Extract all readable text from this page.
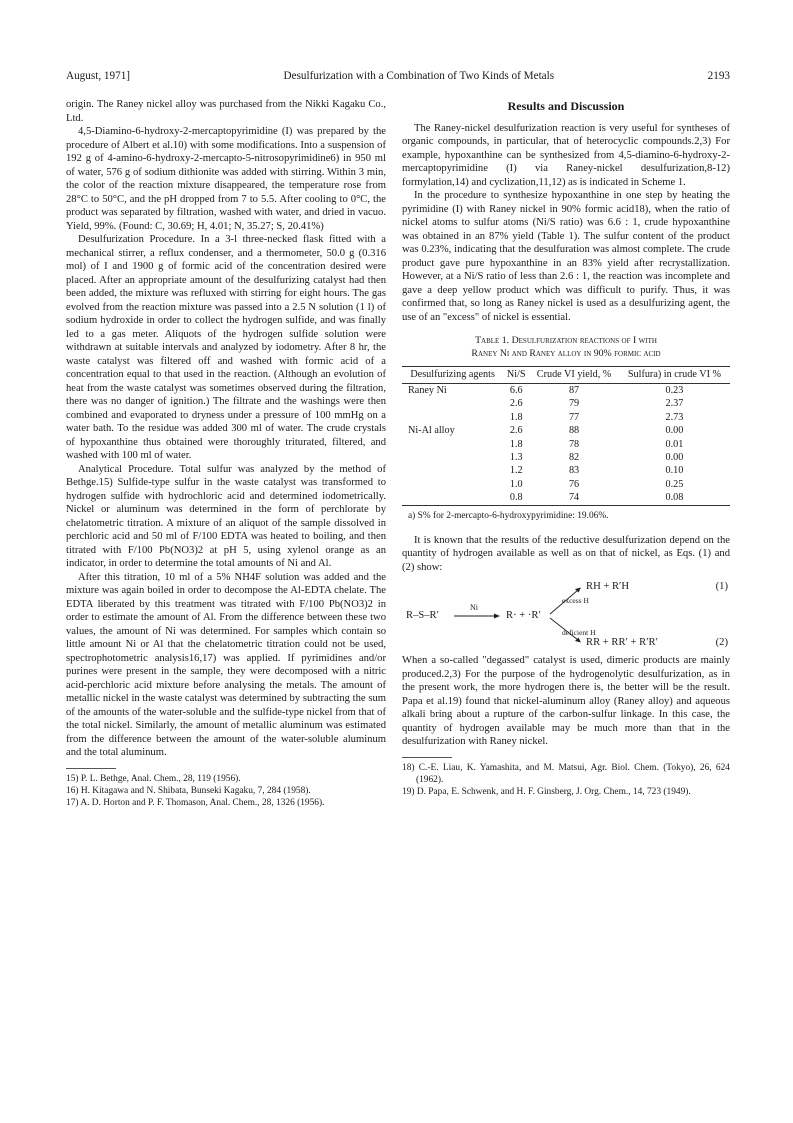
August, 1971]	Desulfurization with a Combination of Two Kinds of Metals	2193

origin. The Raney nickel alloy was purchased from the Nikki Kagaku Co., Ltd.

4,5-Diamino-6-hydroxy-2-mercaptopyrimidine (I) was prepared by the procedure of Albert et al.10) with some modifications. Into a suspension of 192 g of 4-amino-6-hydroxy-2-mercapto-5-nitrosopyrimidine6) in 950 ml of water, 576 g of sodium dithionite was added with stirring. Within 3 min, the color of the reaction mixture disappeared, the temperature rose from 28°C to 50°C, and the pH dropped from 7 to 5.5. After cooling to 0°C, the product was separated by filtration, washed with water, and dried in vacuo. Yield, 99%. (Found: C, 30.69; H, 4.01; N, 35.27; S, 20.41%)

Desulfurization Procedure. In a 3-l three-necked flask fitted with a mechanical stirrer, a reflux condenser, and a thermometer, 50.0 g (0.316 mol) of I and 1900 g of formic acid of the concentration desired were placed. After an appropriate amount of the desulfurizing catalyst had then been added, the mixture was refluxed with stirring for eight hours. The gas evolved from the reaction mixture was passed into a 2.5 N solution (1 l) of sodium hydroxide in order to collect the hydrogen sulfide, and was finally led to a gas meter. Aliquots of the hydrogen sulfide solution were withdrawn at suitable intervals and analyzed by iodometry. After 8 hr, the waste catalyst was filtered off and washed with formic acid of a concentration equal to that used in the reaction. (Although an evolution of heat from the waste catalyst was sometimes observed during the filtration, there was no danger of ignition.) The filtrate and the washings were then combined and evaporated to dryness under a pressure of 100 mmHg on a water bath. To the residue was added 300 ml of water. The crude crystals of hypoxanthine thus obtained were thoroughly triturated, filtered, and washed with 100 ml of water.

Analytical Procedure. Total sulfur was analyzed by the method of Bethge.15) Sulfide-type sulfur in the waste catalyst was transformed to hydrogen sulfide with hydrochloric acid and determined iodometrically. Nickel or aluminum was determined in the form of perchlorate by chelatometric titration. A mixture of an aliquot of the sample dissolved in perchloric acid and 50 ml of F/100 EDTA was heated to boiling, and then titrated with F/100 Pb(NO3)2 at pH 5, using xylenol orange as an indicator, in order to determine the total amounts of Ni and Al.

After this titration, 10 ml of a 5% NH4F solution was added and the mixture was again boiled in order to decompose the Al-EDTA chelate. The EDTA liberated by this treatment was titrated with F/100 Pb(NO3)2 in order to estimate the amount of Al. From the difference between these two values, the amount of Ni was determined. For samples which contain so little amount Ni or Al that the chelatometric titration could not be used, spectrophotometric analysis16,17) was applied. If pyrimidines and/or purines were present in the sample, they were decomposed with a nitric acid-perchloric acid mixture before analysing the metals. The amount of metallic nickel in the waste catalyst was determined by subtracting the sum of the amounts of the water-soluble and the sulfide-type nickel from that of the total nickel. Similarly, the amount of metallic aluminum was estimated from the difference between the amount of the water-soluble aluminum and the total aluminum.

15) P. L. Bethge, Anal. Chem., 28, 119 (1956).
16) H. Kitagawa and N. Shibata, Bunseki Kagaku, 7, 284 (1958).
17) A. D. Horton and P. F. Thomason, Anal. Chem., 28, 1326 (1956).
Results and Discussion

The Raney-nickel desulfurization reaction is very useful for syntheses of organic compounds, in particular, that of heterocyclic compounds.2,3) For example, hypoxanthine can be synthesized from 4,5-diamino-6-hydroxy-2-mercaptopyrimidine (I) via Raney-nickel desulfurization,8-12) formylation,14) and cyclization,11,12) as is indicated in Scheme 1.

In the procedure to synthesize hypoxanthine in one step by heating the pyrimidine (I) with Raney nickel in 90% formic acid18), when the ratio of nickel atoms to sulfur atoms (Ni/S ratio) was 6.6 : 1, crude hypoxanthine was obtained in an 87% yield (Table 1). The sulfur content of the product was 0.23%, indicating that the desulfuration was almost complete. The crude product gave pure hypoxanthine in an 83% yield after recrystallization. However, at a Ni/S ratio of less than 2.6 : 1, the reaction was incomplete and gave a deep yellow product which was difficult to purify. Thus, it was confirmed that, so long as Raney nickel is used as a desulfurizing agent, the use of an "excess" of nickel is essential.

Table 1. Desulfurization reactions of I with
Raney Ni and Raney alloy in 90% formic acid
Desulfurizing agents	Ni/S	Crude VI yield, %	Sulfura) in crude VI %
Raney Ni	6.6	87	0.23
	2.6	79	2.37
	1.8	77	2.73
Ni-Al alloy	2.6	88	0.00
	1.8	78	0.01
	1.3	82	0.00
	1.2	83	0.10
	1.0	76	0.25
	0.8	74	0.08
a) S% for 2-mercapto-6-hydroxypyrimidine: 19.06%.

It is known that the results of the reductive desulfurization depend on the quantity of hydrogen available as well as on that of nickel, as Eqs. (1) and (2) show:

R–S–R′
Ni
R· + ·R′
excess H
deficient H
RH + R′H
RR + RR′ + R′R′
(1)
(2)

When a so-called "degassed" catalyst is used, dimeric products are mainly produced.2,3) For the purpose of the hydrogenolytic desulfurization, as in the present work, the more hydrogen there is, the better will be the result. Papa et al.19) found that nickel-aluminum alloy (Raney alloy) and aqueous alkali bring about a rupture of the carbon-sulfur linkage. In this case, the quantity of hydrogen available may be much more than that in the desulfurization with Raney nickel.

18) C.-E. Liau, K. Yamashita, and M. Matsui, Agr. Biol. Chem. (Tokyo), 26, 624 (1962).
19) D. Papa, E. Schwenk, and H. F. Ginsberg, J. Org. Chem., 14, 723 (1949).
